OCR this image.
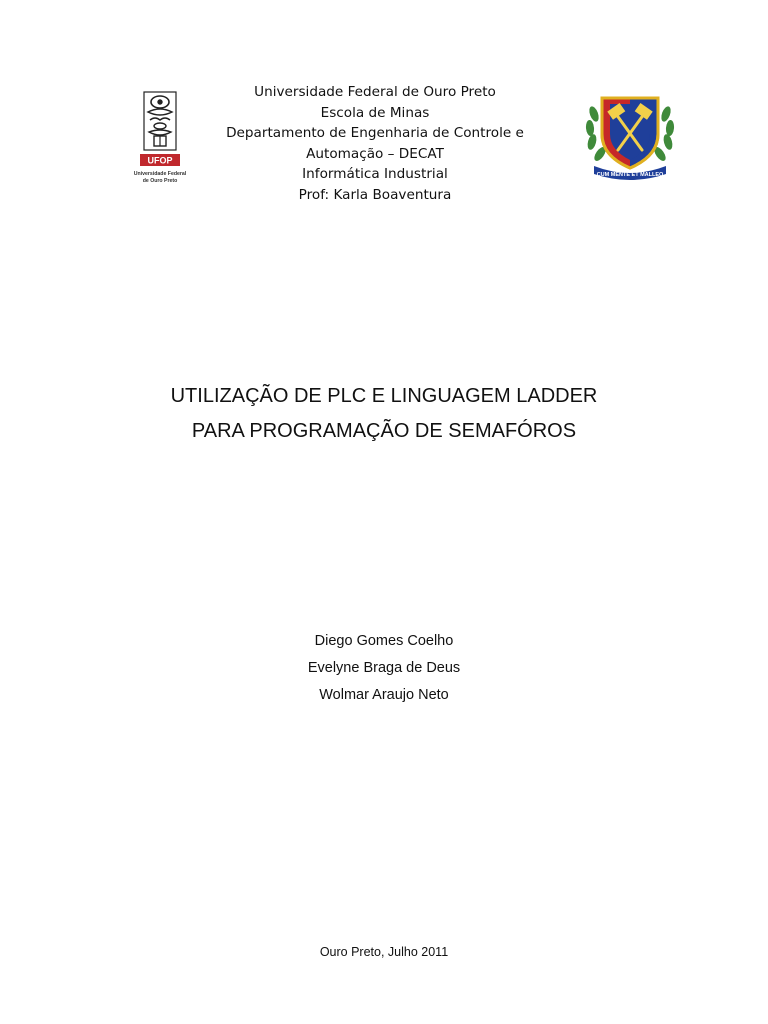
UFOP
Universidade Federal
de Ouro Preto
Universidade Federal de Ouro Preto
Escola de Minas
Departamento de Engenharia de Controle e
Automação – DECAT
Informática Industrial
Prof: Karla Boaventura
CUM MENTE ET MALLEO
UTILIZAÇÃO DE PLC E LINGUAGEM LADDER
PARA PROGRAMAÇÃO DE SEMAFÓROS
Diego Gomes Coelho
Evelyne Braga de Deus
Wolmar Araujo Neto
Ouro Preto, Julho 2011
